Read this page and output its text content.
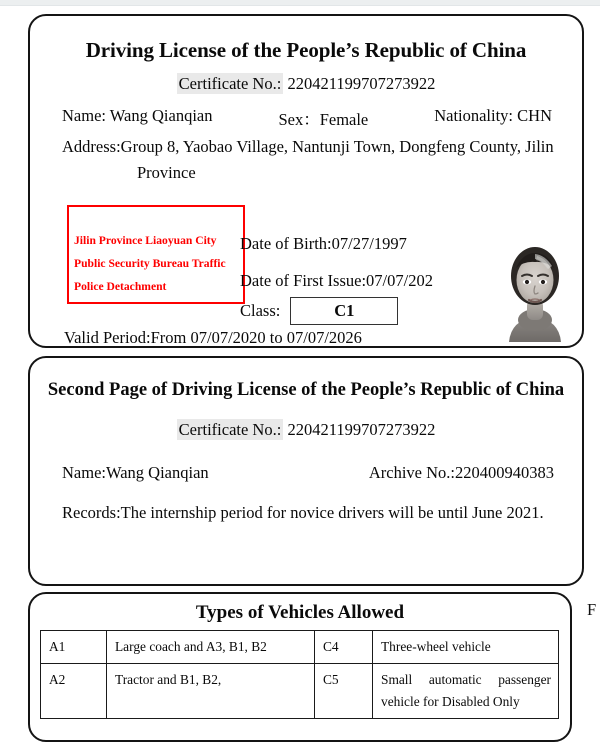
Driving License of the People’s Republic of China
Certificate No.: 220421199707273922
Name: Wang Qianqian	Sex：Female	Nationality: CHN
Address:Group 8, Yaobao Village, Nantunji Town, Dongfeng County, Jilin
Province
Jilin Province Liaoyuan City
Public Security Bureau Traffic
Police Detachment
Date of Birth:07/27/1997
Date of First Issue:07/07/202
Class:	C1
Valid Period:From 07/07/2020 to 07/07/2026
Second Page of Driving License of the People’s Republic of China
Certificate No.: 220421199707273922
Name:Wang Qianqian	Archive No.:220400940383
Records:The internship period for novice drivers will be until June 2021.
Types of Vehicles Allowed
A1	Large coach and A3, B1, B2	C4	Three-wheel vehicle
A2	Tractor and B1, B2,	C5	Small automatic passenger vehicle for Disabled Only
F
